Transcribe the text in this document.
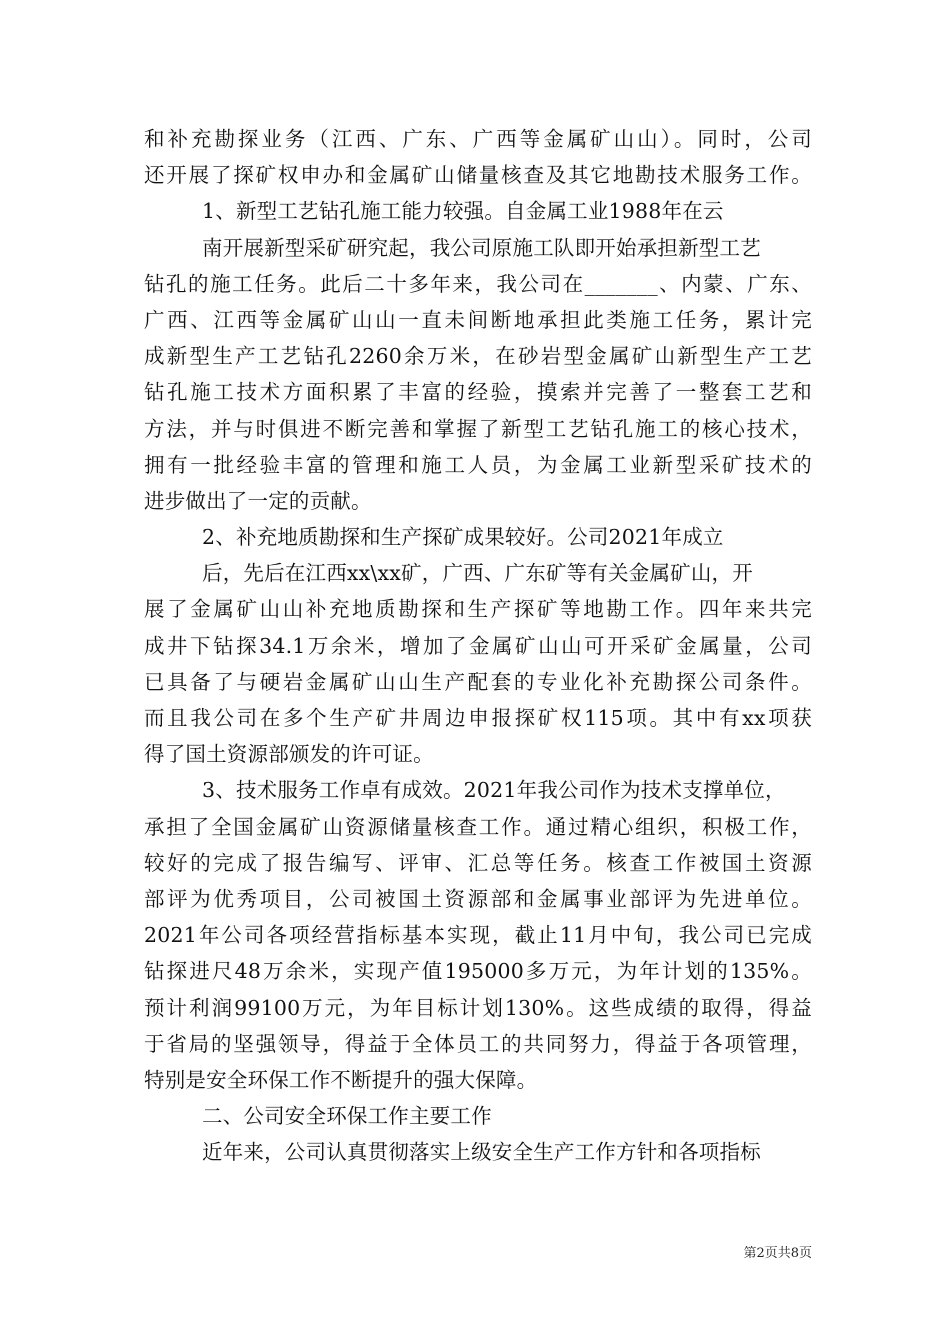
和补充勘探业务（江西、广东、广西等金属矿山山）。同时，公司
还开展了探矿权申办和金属矿山储量核查及其它地勘技术服务工作。
1、新型工艺钻孔施工能力较强。自金属工业1988年在云
南开展新型采矿研究起，我公司原施工队即开始承担新型工艺
钻孔的施工任务。此后二十多年来，我公司在_______、内蒙、广东、
广西、江西等金属矿山山一直未间断地承担此类施工任务，累计完
成新型生产工艺钻孔2260余万米，在砂岩型金属矿山新型生产工艺
钻孔施工技术方面积累了丰富的经验，摸索并完善了一整套工艺和
方法，并与时俱进不断完善和掌握了新型工艺钻孔施工的核心技术，
拥有一批经验丰富的管理和施工人员，为金属工业新型采矿技术的
进步做出了一定的贡献。
2、补充地质勘探和生产探矿成果较好。公司2021年成立
后，先后在江西xx\xx矿，广西、广东矿等有关金属矿山，开
展了金属矿山山补充地质勘探和生产探矿等地勘工作。四年来共完
成井下钻探34.1万余米，增加了金属矿山山可开采矿金属量，公司
已具备了与硬岩金属矿山山生产配套的专业化补充勘探公司条件。
而且我公司在多个生产矿井周边申报探矿权115项。其中有xx项获
得了国土资源部颁发的许可证。
3、技术服务工作卓有成效。2021年我公司作为技术支撑单位，
承担了全国金属矿山资源储量核查工作。通过精心组织，积极工作，
较好的完成了报告编写、评审、汇总等任务。核查工作被国土资源
部评为优秀项目，公司被国土资源部和金属事业部评为先进单位。
2021年公司各项经营指标基本实现，截止11月中旬，我公司已完成
钻探进尺48万余米，实现产值195000多万元，为年计划的135%。
预计利润99100万元，为年目标计划130%。这些成绩的取得，得益
于省局的坚强领导，得益于全体员工的共同努力，得益于各项管理，
特别是安全环保工作不断提升的强大保障。
二、公司安全环保工作主要工作
近年来，公司认真贯彻落实上级安全生产工作方针和各项指标
第2页共8页
